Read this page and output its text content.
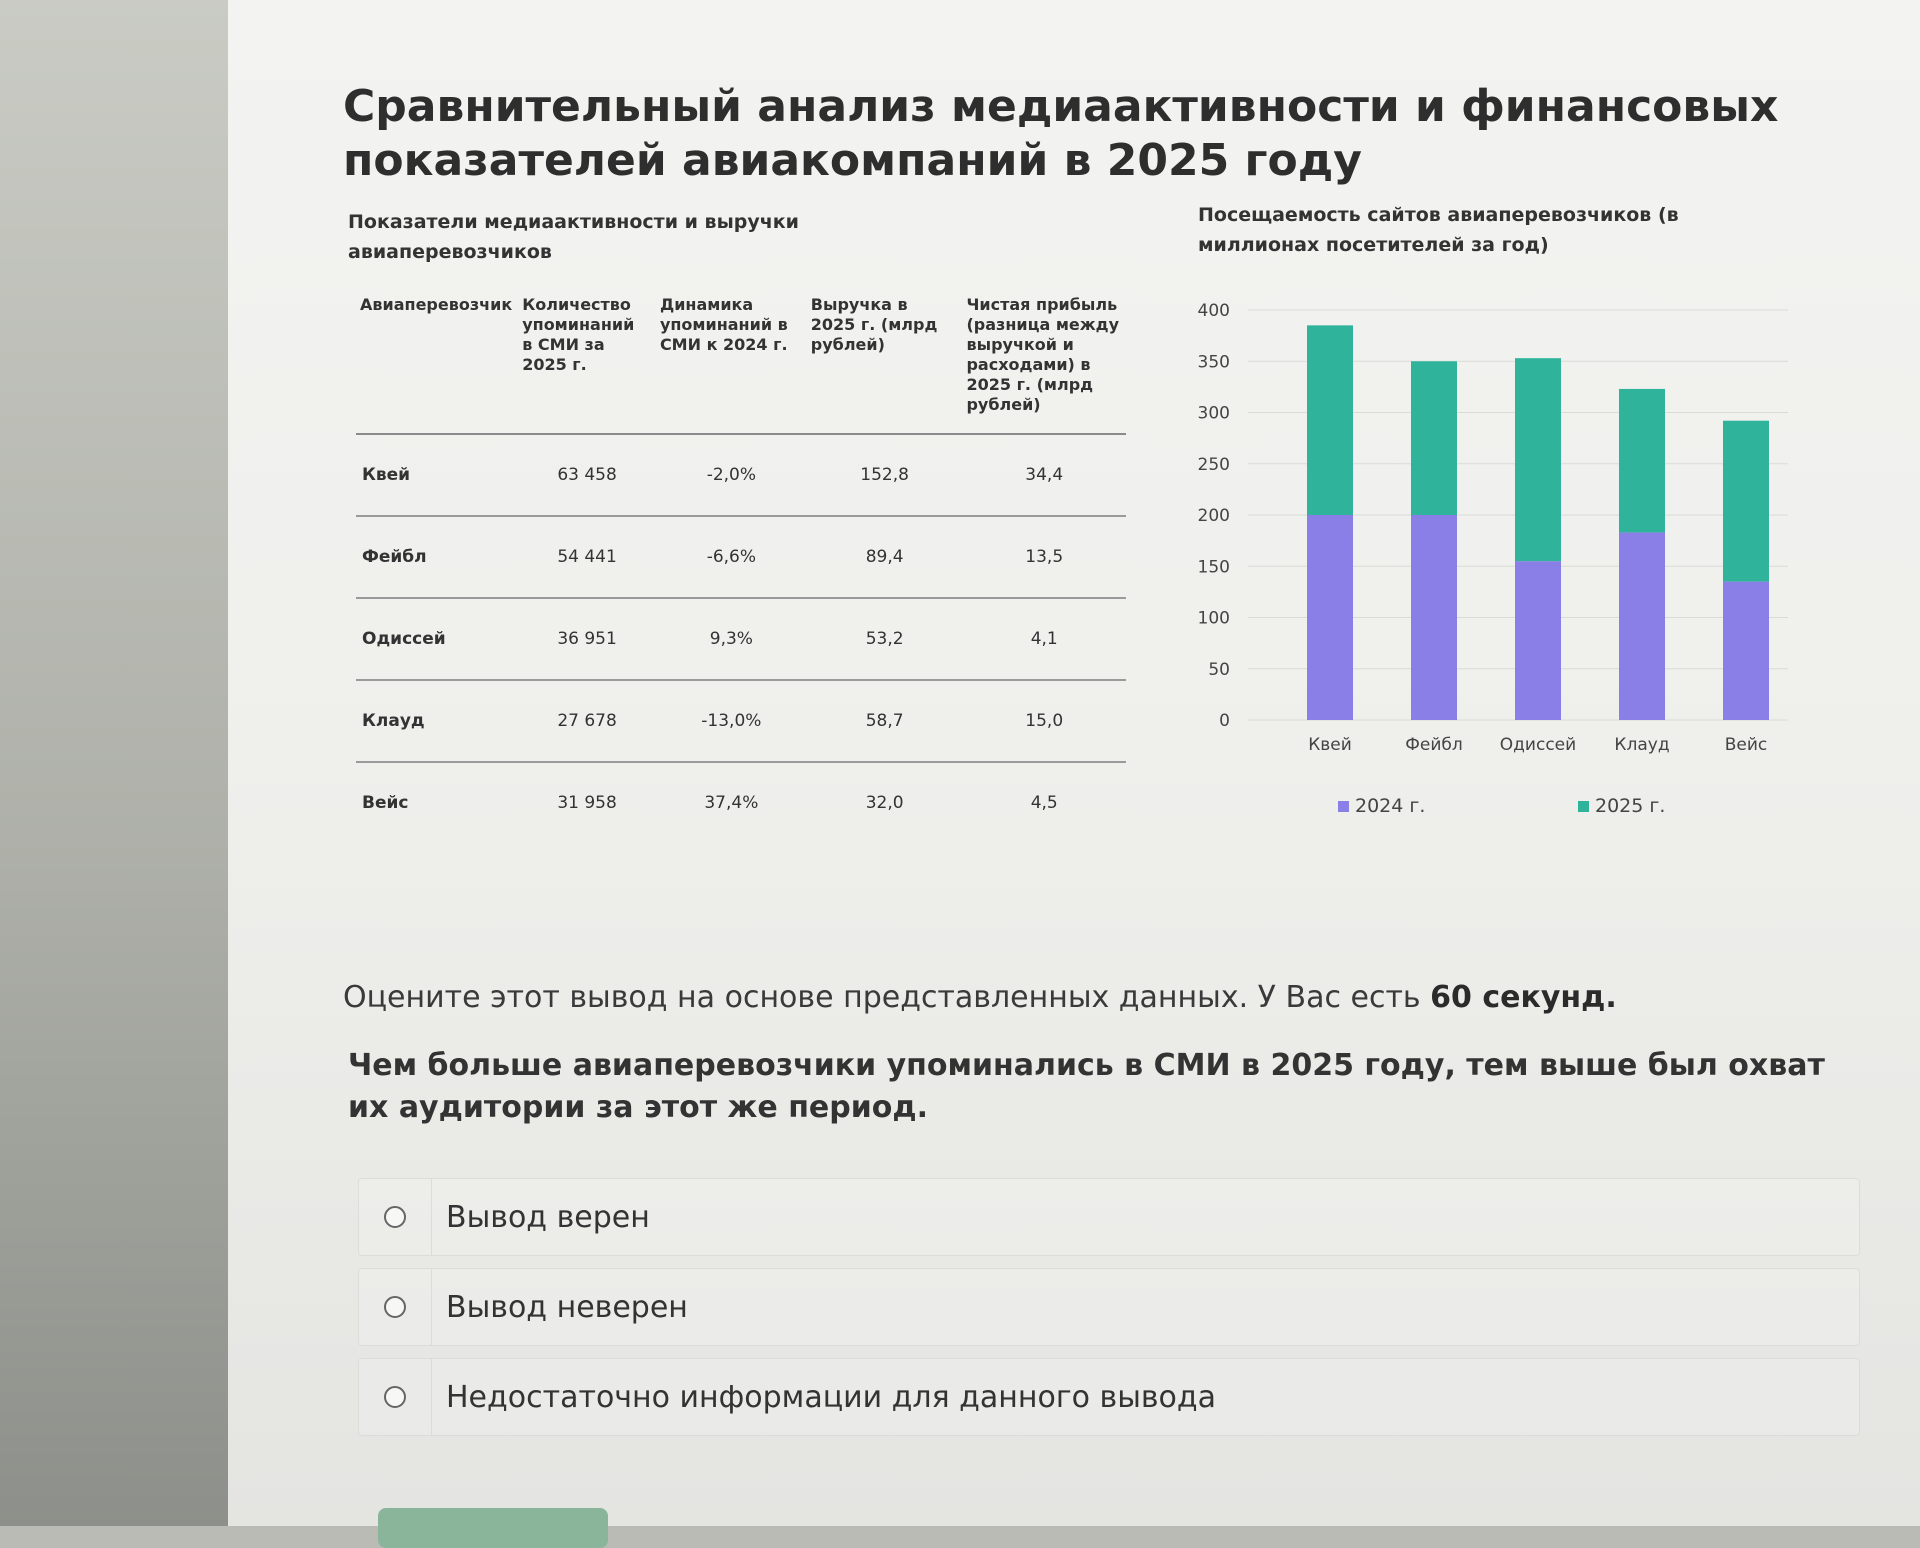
Сравнительный анализ медиаактивности и финансовых показателей авиакомпаний в 2025 году
Показатели медиаактивности и выручки авиаперевозчиков
Авиаперевозчик	Количество упоминаний в СМИ за 2025 г.	Динамика упоминаний в СМИ к 2024 г.	Выручка в 2025 г. (млрд рублей)	Чистая прибыль (разница между выручкой и расходами) в 2025 г. (млрд рублей)
Квей	63 458	-2,0%	152,8	34,4
Фейбл	54 441	-6,6%	89,4	13,5
Одиссей	36 951	9,3%	53,2	4,1
Клауд	27 678	-13,0%	58,7	15,0
Вейс	31 958	37,4%	32,0	4,5
Посещаемость сайтов авиаперевозчиков (в миллионах посетителей за год)
0
50
100
150
200
250
300
350
400
Квей	Фейбл Одиссей Клауд	Вейс
2024 г.	2025 г.
Оцените этот вывод на основе представленных данных. У Вас есть 60 секунд.
Чем больше авиаперевозчики упоминались в СМИ в 2025 году, тем выше был охват их аудитории за этот же период.
Вывод верен
Вывод неверен
Недостаточно информации для данного вывода
